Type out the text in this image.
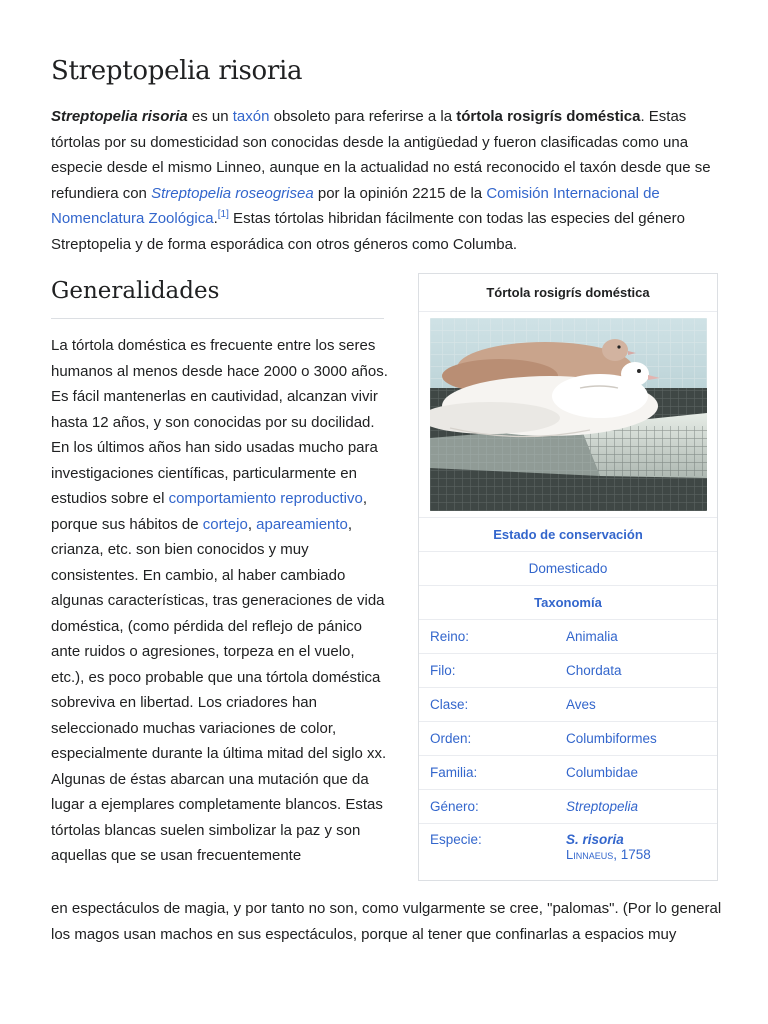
Streptopelia risoria

Streptopelia risoria es un taxón obsoleto para referirse a la tórtola rosigrís doméstica. Estas tórtolas por su domesticidad son conocidas desde la antigüedad y fueron clasificadas como una especie desde el mismo Linneo, aunque en la actualidad no está reconocido el taxón desde que se refundiera con Streptopelia roseogrisea por la opinión 2215 de la Comisión Internacional de Nomenclatura Zoológica.[1] Estas tórtolas hibridan fácilmente con todas las especies del género Streptopelia y de forma esporádica con otros géneros como Columba.

Generalidades

La tórtola doméstica es frecuente entre los seres humanos al menos desde hace 2000 o 3000 años. Es fácil mantenerlas en cautividad, alcanzan vivir hasta 12 años, y son conocidas por su docilidad. En los últimos años han sido usadas mucho para investigaciones científicas, particularmente en estudios sobre el comportamiento reproductivo, porque sus hábitos de cortejo, apareamiento, crianza, etc. son bien conocidos y muy consistentes. En cambio, al haber cambiado algunas características, tras generaciones de vida doméstica, (como pérdida del reflejo de pánico ante ruidos o agresiones, torpeza en el vuelo, etc.), es poco probable que una tórtola doméstica sobreviva en libertad. Los criadores han seleccionado muchas variaciones de color, especialmente durante la última mitad del siglo xx. Algunas de éstas abarcan una mutación que da lugar a ejemplares completamente blancos. Estas tórtolas blancas suelen simbolizar la paz y son aquellas que se usan frecuentemente

en espectáculos de magia, y por tanto no son, como vulgarmente se cree, "palomas". (Por lo general los magos usan machos en sus espectáculos, porque al tener que confinarlas a espacios muy

Tórtola rosigrís doméstica
Estado de conservación
Domesticado
Taxonomía
Reino:	Animalia
Filo:	Chordata
Clase:	Aves
Orden:	Columbiformes
Familia:	Columbidae
Género:	Streptopelia
Especie:	S. risoria
Linnaeus, 1758
